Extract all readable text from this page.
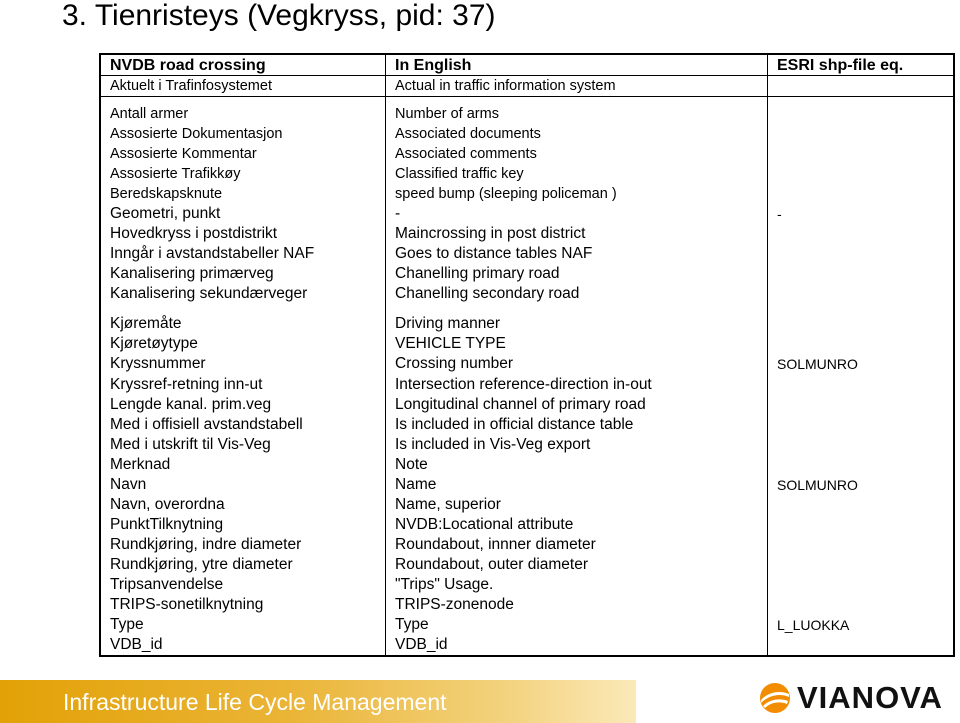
3. Tienristeys (Vegkryss, pid: 37)
NVDB road crossing	In English	ESRI shp-file eq.
Aktuelt i Trafinfosystemet	Actual in traffic information system
Antall armer	Number of arms
Assosierte Dokumentasjon	Associated documents
Assosierte Kommentar	Associated comments
Assosierte Trafikkøy	Classified traffic key
Beredskapsknute	speed bump (sleeping policeman )
Geometri, punkt	-	-
Hovedkryss i postdistrikt	Maincrossing in post district
Inngår i avstandstabeller NAF	Goes to distance tables NAF
Kanalisering primærveg	Chanelling primary road
Kanalisering sekundærveger	Chanelling secondary road
Kjøremåte	Driving manner
Kjøretøytype	VEHICLE TYPE
Kryssnummer	Crossing number	SOLMUNRO
Kryssref-retning inn-ut	Intersection reference-direction in-out
Lengde kanal. prim.veg	Longitudinal channel of primary road
Med i offisiell avstandstabell	Is included in official distance table
Med i utskrift til Vis-Veg	Is included in Vis-Veg export
Merknad	Note
Navn	Name	SOLMUNRO
Navn, overordna	Name, superior
PunktTilknytning	NVDB:Locational attribute
Rundkjøring, indre diameter	Roundabout, innner diameter
Rundkjøring, ytre diameter	Roundabout, outer diameter
Tripsanvendelse	"Trips" Usage.
TRIPS-sonetilknytning	TRIPS-zonenode
Type	Type	L_LUOKKA
VDB_id	VDB_id
Infrastructure Life Cycle Management	VIANOVA
